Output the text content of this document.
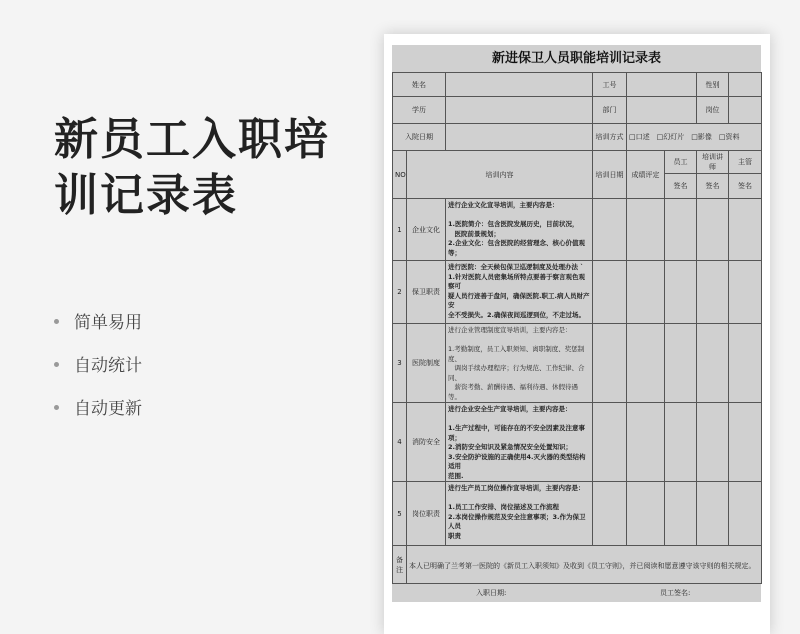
新员工入职培训记录表
简单易用
自动统计
自动更新
新进保卫人员职能培训记录表
姓名			工号			性别	
学历			部门			岗位	
入院日期			培训方式	□口述　□幻灯片　□影像　□资料			
NO	培训内容		培训日期	成绩评定	员工	培训讲师	主管
					签名	签名	签名
1	企业文化	进行企业文化宣导培训，主要内容是：

1.医院简介：包含医院发展历史，目前状况，
　医院前景规划；
2.企业文化：包含医院的经营理念、核心价值观等；					

2	保卫职责	进行医院：全天候包保卫巡逻制度及处理办法 `
1.针对医院人员密集场所特点要善于察言观色观察可
疑人员行迹善于盘问，确保医院.职工.病人员财产安
全不受损失。2.确保夜间巡逻到位，不走过场。					

3	医院制度	进行企业管理制度宣导培训，主要内容是：

1.考勤制度，员工入职须知、离职制度、奖惩制度、
　调岗手续办理程序；行为规范、工作纪律、合同、
　薪资考勤、薪酬待遇、福利待遇、休假待遇等。					

4	消防安全	进行企业安全生产宣导培训，主要内容是：

1.生产过程中，可能存在的不安全因素及注意事项；
2.消防安全知识及紧急情况安全处置知识；
3.安全防护设施的正确使用4.灭火器的类型结构适用
范围.					

5	岗位职责	进行生产员工岗位操作宣导培训，主要内容是：

1.员工工作安排、岗位描述及工作流程
2.本岗位操作规范及安全注意事项；3.作为保卫人员
职责					

备注	本人已明确了兰考第一医院的《新员工入职须知》及收到《员工守则》，并已阅读和愿意遵守该守则的相关规定。						
入职日期:	员工签名:
